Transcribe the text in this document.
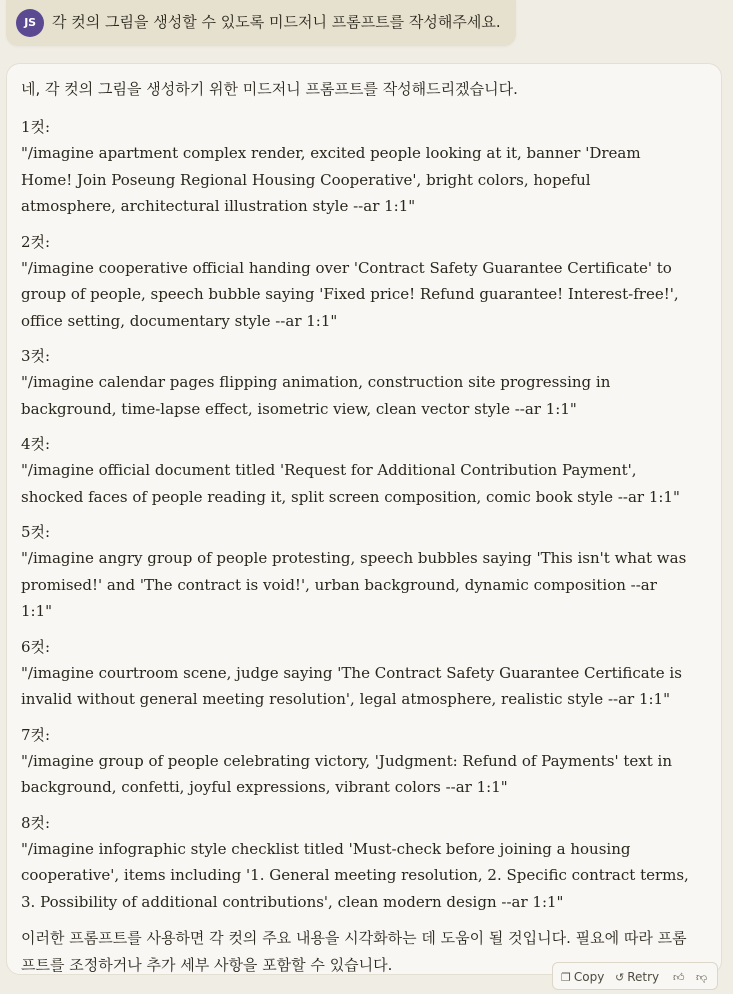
JS	각 컷의 그림을 생성할 수 있도록 미드저니 프롬프트를 작성해주세요.

네, 각 컷의 그림을 생성하기 위한 미드저니 프롬프트를 작성해드리겠습니다.

1컷:
"/imagine apartment complex render, excited people looking at it, banner 'Dream Home! Join Poseung Regional Housing Cooperative', bright colors, hopeful atmosphere, architectural illustration style --ar 1:1"
2컷:
"/imagine cooperative official handing over 'Contract Safety Guarantee Certificate' to group of people, speech bubble saying 'Fixed price! Refund guarantee! Interest-free!', office setting, documentary style --ar 1:1"
3컷:
"/imagine calendar pages flipping animation, construction site progressing in background, time-lapse effect, isometric view, clean vector style --ar 1:1"
4컷:
"/imagine official document titled 'Request for Additional Contribution Payment', shocked faces of people reading it, split screen composition, comic book style --ar 1:1"
5컷:
"/imagine angry group of people protesting, speech bubbles saying 'This isn't what was promised!' and 'The contract is void!', urban background, dynamic composition --ar 1:1"
6컷:
"/imagine courtroom scene, judge saying 'The Contract Safety Guarantee Certificate is invalid without general meeting resolution', legal atmosphere, realistic style --ar 1:1"
7컷:
"/imagine group of people celebrating victory, 'Judgment: Refund of Payments' text in background, confetti, joyful expressions, vibrant colors --ar 1:1"
8컷:
"/imagine infographic style checklist titled 'Must-check before joining a housing cooperative', items including '1. General meeting resolution, 2. Specific contract terms, 3. Possibility of additional contributions', clean modern design --ar 1:1"

이러한 프롬프트를 사용하면 각 컷의 주요 내용을 시각화하는 데 도움이 될 것입니다. 필요에 따라 프롬프트를 조정하거나 추가 세부 사항을 포함할 수 있습니다.

❐ Copy ↺ Retry 👍︎ 👎︎
